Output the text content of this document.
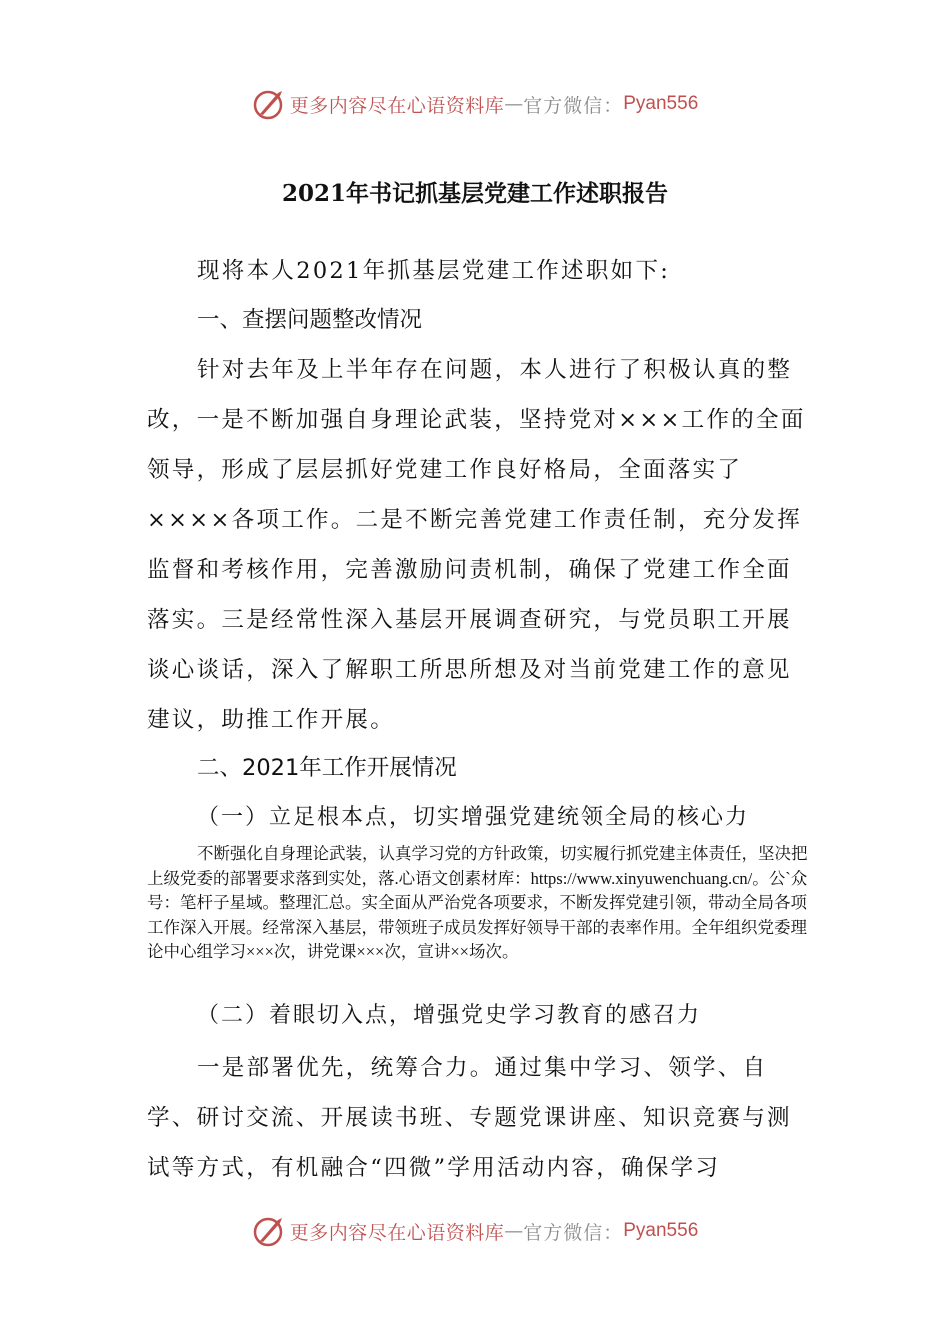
更多内容尽在心语资料库 — 官方微信： Pyan556
2021年书记抓基层党建工作述职报告
现将本人2021年抓基层党建工作述职如下:
一、查摆问题整改情况
针对去年及上半年存在问题，本人进行了积极认真的整改，一是不断加强自身理论武装，坚持党对×××工作的全面领导，形成了层层抓好党建工作良好格局，全面落实了××××各项工作。二是不断完善党建工作责任制，充分发挥监督和考核作用，完善激励问责机制，确保了党建工作全面落实。三是经常性深入基层开展调查研究，与党员职工开展谈心谈话，深入了解职工所思所想及对当前党建工作的意见建议，助推工作开展。
二、2021年工作开展情况
（一）立足根本点，切实增强党建统领全局的核心力
不断强化自身理论武装，认真学习党的方针政策，切实履行抓党建主体责任，坚决把上级党委的部署要求落到实处，落.心语文创素材库：https://www.xinyuwenchuang.cn/。公`众号：笔杆子星域。整理汇总。实全面从严治党各项要求，不断发挥党建引领，带动全局各项工作深入开展。经常深入基层，带领班子成员发挥好领导干部的表率作用。全年组织党委理论中心组学习×××次，讲党课×××次，宣讲××场次。
（二）着眼切入点，增强党史学习教育的感召力
一是部署优先，统筹合力。通过集中学习、领学、自学、研讨交流、开展读书班、专题党课讲座、知识竞赛与测试等方式，有机融合“四微”学用活动内容，确保学习
更多内容尽在心语资料库 — 官方微信： Pyan556
